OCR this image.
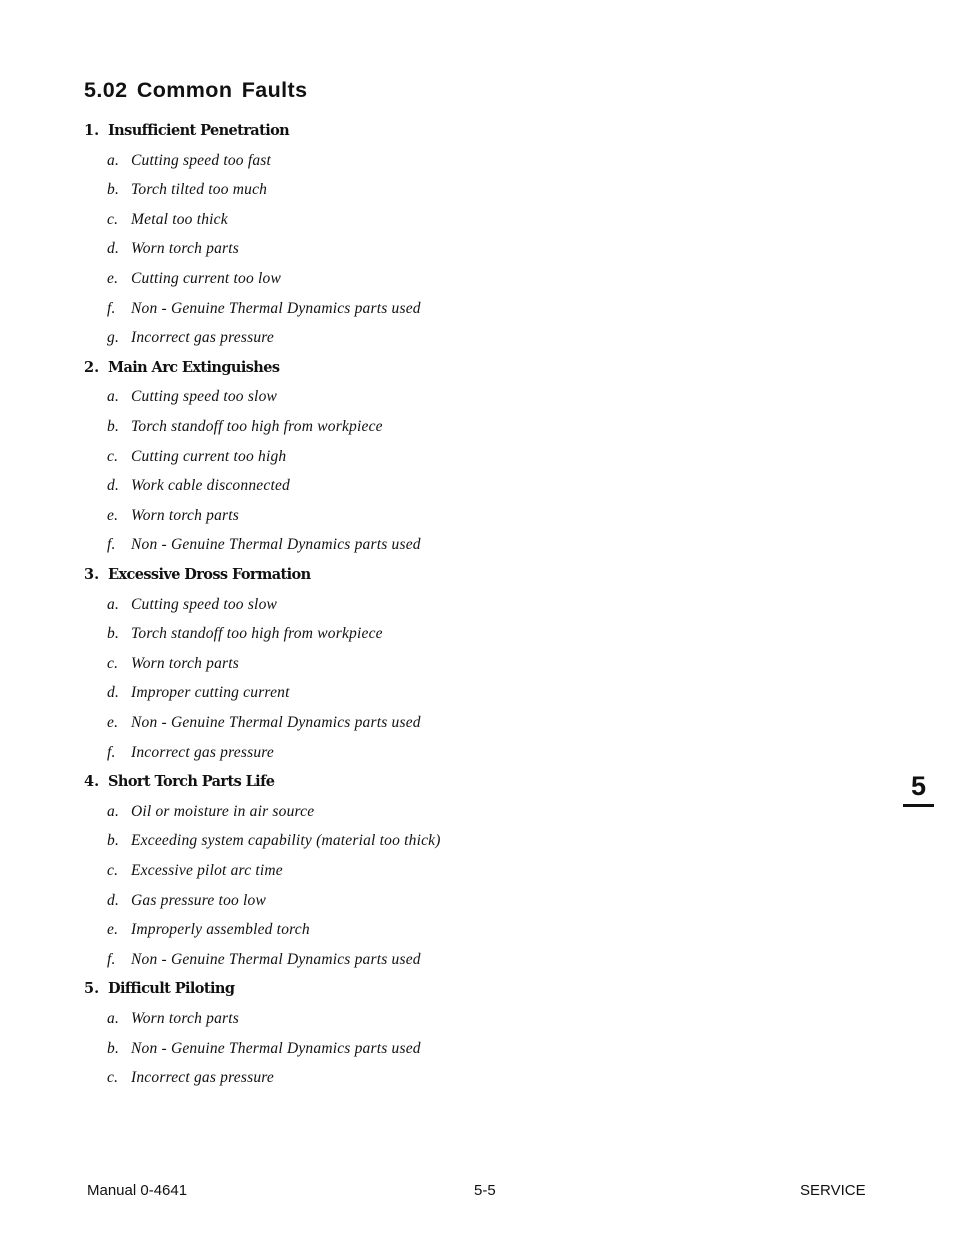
5.02 Common Faults
1. Insufficient Penetration
a. Cutting speed too fast
b. Torch tilted too much
c. Metal too thick
d. Worn torch parts
e. Cutting current too low
f. Non - Genuine Thermal Dynamics parts used
g. Incorrect gas pressure
2. Main Arc Extinguishes
a. Cutting speed too slow
b. Torch standoff too high from workpiece
c. Cutting current too high
d. Work cable disconnected
e. Worn torch parts
f. Non - Genuine Thermal Dynamics parts used
3. Excessive Dross Formation
a. Cutting speed too slow
b. Torch standoff too high from workpiece
c. Worn torch parts
d. Improper cutting current
e. Non - Genuine Thermal Dynamics parts used
f. Incorrect gas pressure
4. Short Torch Parts Life
a. Oil or moisture in air source
b. Exceeding system capability (material too thick)
c. Excessive pilot arc time
d. Gas pressure too low
e. Improperly assembled torch
f. Non - Genuine Thermal Dynamics parts used
5. Difficult Piloting
a. Worn torch parts
b. Non - Genuine Thermal Dynamics parts used
c. Incorrect gas pressure
5
Manual 0-4641	5-5	SERVICE
